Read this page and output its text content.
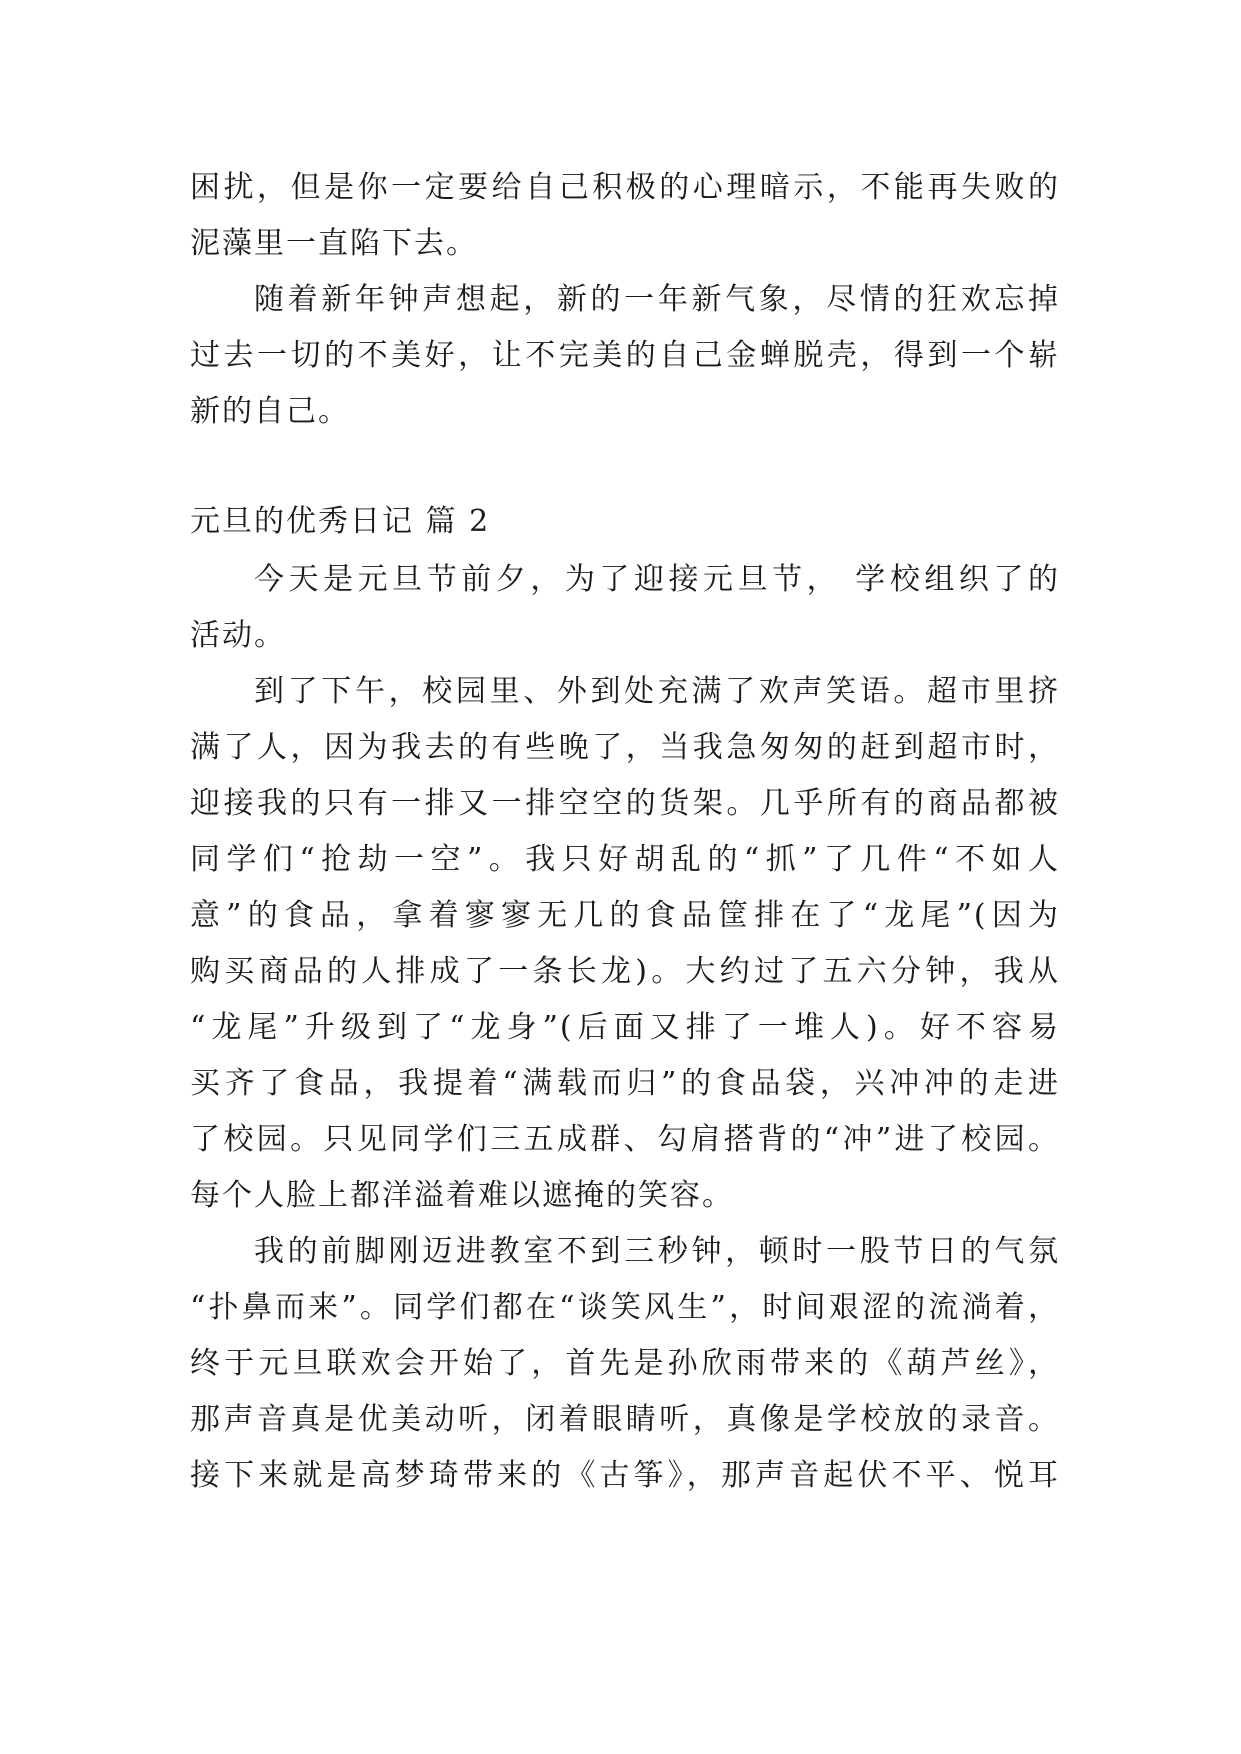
困扰，但是你一定要给自己积极的心理暗示，不能再失败的
泥藻里一直陷下去。
随着新年钟声想起，新的一年新气象，尽情的狂欢忘掉
过去一切的不美好，让不完美的自己金蝉脱壳，得到一个崭
新的自己。
元旦的优秀日记 篇 2
今天是元旦节前夕，为了迎接元旦节， 学校组织了的
活动。
到了下午，校园里、外到处充满了欢声笑语。超市里挤
满了人，因为我去的有些晚了，当我急匆匆的赶到超市时，
迎接我的只有一排又一排空空的货架。几乎所有的商品都被
同学们“抢劫一空”。我只好胡乱的“抓”了几件“不如人
意”的食品，拿着寥寥无几的食品筐排在了“龙尾”(因为
购买商品的人排成了一条长龙)。大约过了五六分钟，我从
“龙尾”升级到了“龙身”(后面又排了一堆人)。好不容易
买齐了食品，我提着“满载而归”的食品袋，兴冲冲的走进
了校园。只见同学们三五成群、勾肩搭背的“冲”进了校园。
每个人脸上都洋溢着难以遮掩的笑容。
我的前脚刚迈进教室不到三秒钟，顿时一股节日的气氛
“扑鼻而来”。同学们都在“谈笑风生”，时间艰涩的流淌着，
终于元旦联欢会开始了，首先是孙欣雨带来的《葫芦丝》，
那声音真是优美动听，闭着眼睛听，真像是学校放的录音。
接下来就是高梦琦带来的《古筝》，那声音起伏不平、悦耳
